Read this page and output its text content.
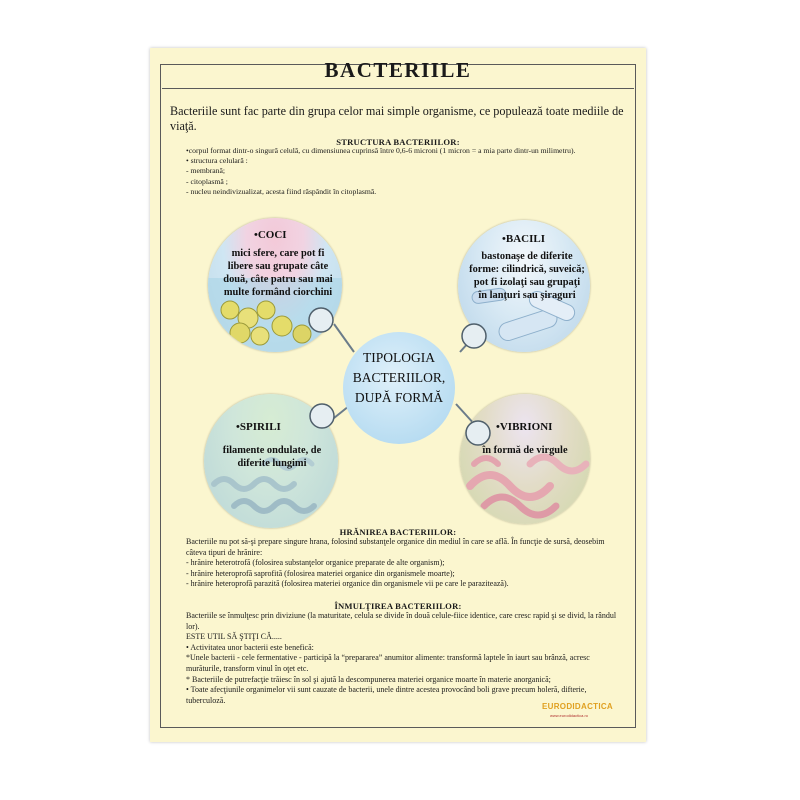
BACTERIILE
Bacteriile sunt fac parte din grupa celor mai simple organisme, ce populează toate mediile de viaţă.
STRUCTURA BACTERIILOR:

•corpul format dintr-o singură celulă, cu dimensiunea cuprinsă între 0,6-6 microni (1 micron = a mia parte dintr-un milimetru).

• structura celulară :

- membrană;

- citoplasmă ;

- nucleu neindivizualizat, acesta fiind răspândit în citoplasmă.

•COCI
mici sfere, care pot fi
libere sau grupate câte
două, câte patru sau mai
multe formând ciorchini
•BACILI
bastonaşe de diferite
forme: cilindrică, suveică;
pot fi izolaţi sau grupaţi
în lanţuri sau şiraguri
•SPIRILI
filamente ondulate, de
diferite lungimi
•VIBRIONI
în formă de virgule
TIPOLOGIA
BACTERIILOR,
DUPĂ FORMĂ
HRĂNIREA BACTERIILOR:

Bacteriile nu pot să-şi prepare singure hrana, folosind substanţele organice din mediul în care se află. În funcţie de sursă, deosebim câteva tipuri de hrănire:

- hrănire heterotrofă (folosirea substanţelor organice preparate de alte organism);

- hrănire heteroprofă saprofită (folosirea materiei organice din organismele moarte);

- hrănire heteroprofă parazită (folosirea materiei organice din organismele vii pe care le parazitează).

ÎNMULŢIREA BACTERIILOR:

Bacteriile se înmulţesc prin diviziune (la maturitate, celula se divide în două celule-fiice identice, care cresc rapid şi se divid, la rândul lor).

ESTE UTIL SĂ ŞTIŢI CĂ.....

• Activitatea unor bacterii este benefică:

*Unele bacterii - cele fermentative - participă la “prepararea” anumitor alimente: transformă laptele în iaurt sau brânză, acresc murăturile, transform vinul în oţet etc.

* Bacteriile de putrefacţie trăiesc în sol şi ajută la descompunerea materiei organice moarte în materie anorganică;

• Toate afecţiunile organimelor vii sunt cauzate de bacterii, unele dintre acestea provocând boli grave precum holeră, difterie, tuberculoză.

EURODIDACTICA
www.eurodidactica.ro
